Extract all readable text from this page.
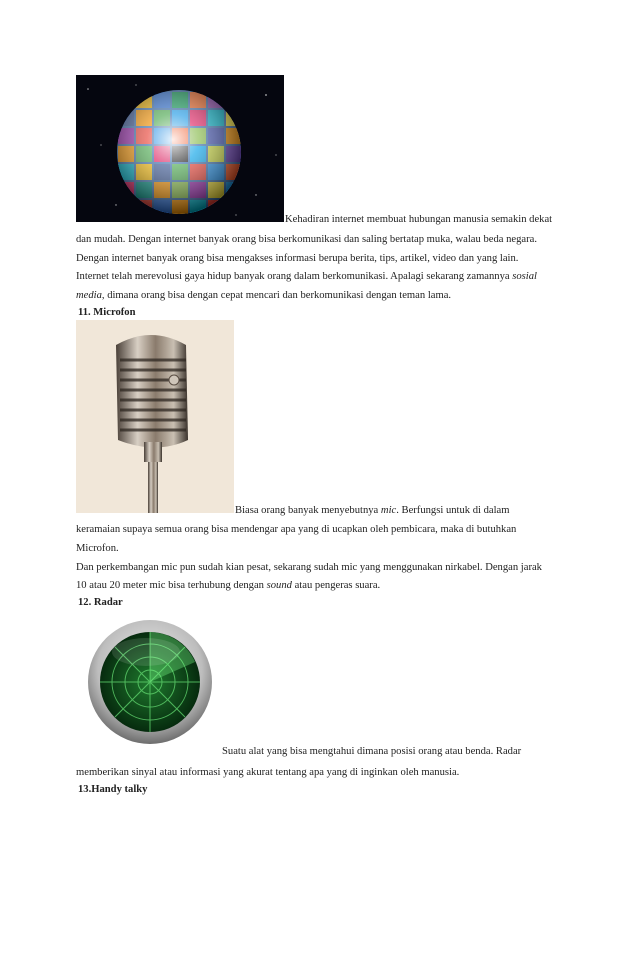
Kehadiran internet membuat hubungan manusia semakin dekat
dan mudah. Dengan internet banyak orang bisa berkomunikasi dan saling bertatap muka, walau beda negara.
Dengan internet banyak orang bisa mengakses informasi berupa berita, tips, artikel, video dan yang lain.
Internet telah merevolusi gaya hidup banyak orang dalam berkomunikasi. Apalagi sekarang zamannya sosial
media, dimana orang bisa dengan cepat mencari dan berkomunikasi dengan teman lama.
11. Microfon
Biasa orang banyak menyebutnya mic. Berfungsi untuk di dalam
keramaian supaya semua orang bisa mendengar apa yang di ucapkan oleh pembicara, maka di butuhkan
Microfon.
Dan perkembangan mic pun sudah kian pesat, sekarang sudah mic yang menggunakan nirkabel. Dengan jarak
10 atau 20 meter mic bisa terhubung dengan sound atau pengeras suara.
12. Radar
Suatu alat yang bisa mengtahui dimana posisi orang atau benda. Radar
memberikan sinyal atau informasi yang akurat tentang apa yang di inginkan oleh manusia.
13.Handy talky
